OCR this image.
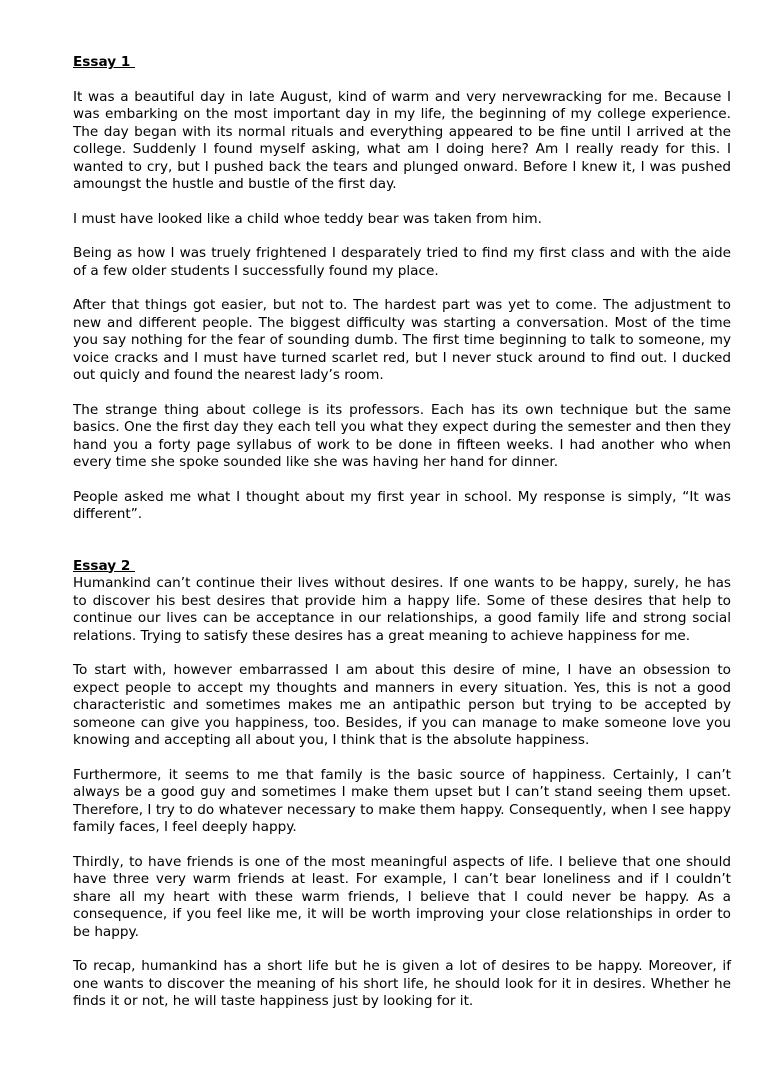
Essay 1

It was a beautiful day in late August, kind of warm and very nervewracking for me. Because I was embarking on the most important day in my life, the beginning of my college experience. The day began with its normal rituals and everything appeared to be fine until I arrived at the college. Suddenly I found myself asking, what am I doing here? Am I really ready for this. I wanted to cry, but I pushed back the tears and plunged onward. Before I knew it, I was pushed amoungst the hustle and bustle of the first day.

I must have looked like a child whoe teddy bear was taken from him.

Being as how I was truely frightened I desparately tried to find my first class and with the aide of a few older students I successfully found my place.

After that things got easier, but not to. The hardest part was yet to come. The adjustment to new and different people. The biggest difficulty was starting a conversation. Most of the time you say nothing for the fear of sounding dumb. The first time beginning to talk to someone, my voice cracks and I must have turned scarlet red, but I never stuck around to find out. I ducked out quicly and found the nearest lady’s room.

The strange thing about college is its professors. Each has its own technique but the same basics. One the first day they each tell you what they expect during the semester and then they hand you a forty page syllabus of work to be done in fifteen weeks. I had another who when every time she spoke sounded like she was having her hand for dinner.

People asked me what I thought about my first year in school. My response is simply, “It was different”.

Essay 2

Humankind can’t continue their lives without desires. If one wants to be happy, surely, he has to discover his best desires that provide him a happy life. Some of these desires that help to continue our lives can be acceptance in our relationships, a good family life and strong social relations. Trying to satisfy these desires has a great meaning to achieve happiness for me.

To start with, however embarrassed I am about this desire of mine, I have an obsession to expect people to accept my thoughts and manners in every situation. Yes, this is not a good characteristic and sometimes makes me an antipathic person but trying to be accepted by someone can give you happiness, too. Besides, if you can manage to make someone love you knowing and accepting all about you, I think that is the absolute happiness.

Furthermore, it seems to me that family is the basic source of happiness. Certainly, I can’t always be a good guy and sometimes I make them upset but I can’t stand seeing them upset. Therefore, I try to do whatever necessary to make them happy. Consequently, when I see happy family faces, I feel deeply happy.

Thirdly, to have friends is one of the most meaningful aspects of life. I believe that one should have three very warm friends at least. For example, I can’t bear loneliness and if I couldn’t share all my heart with these warm friends, I believe that I could never be happy. As a consequence, if you feel like me, it will be worth improving your close relationships in order to be happy.

To recap, humankind has a short life but he is given a lot of desires to be happy. Moreover, if one wants to discover the meaning of his short life, he should look for it in desires. Whether he finds it or not, he will taste happiness just by looking for it.
